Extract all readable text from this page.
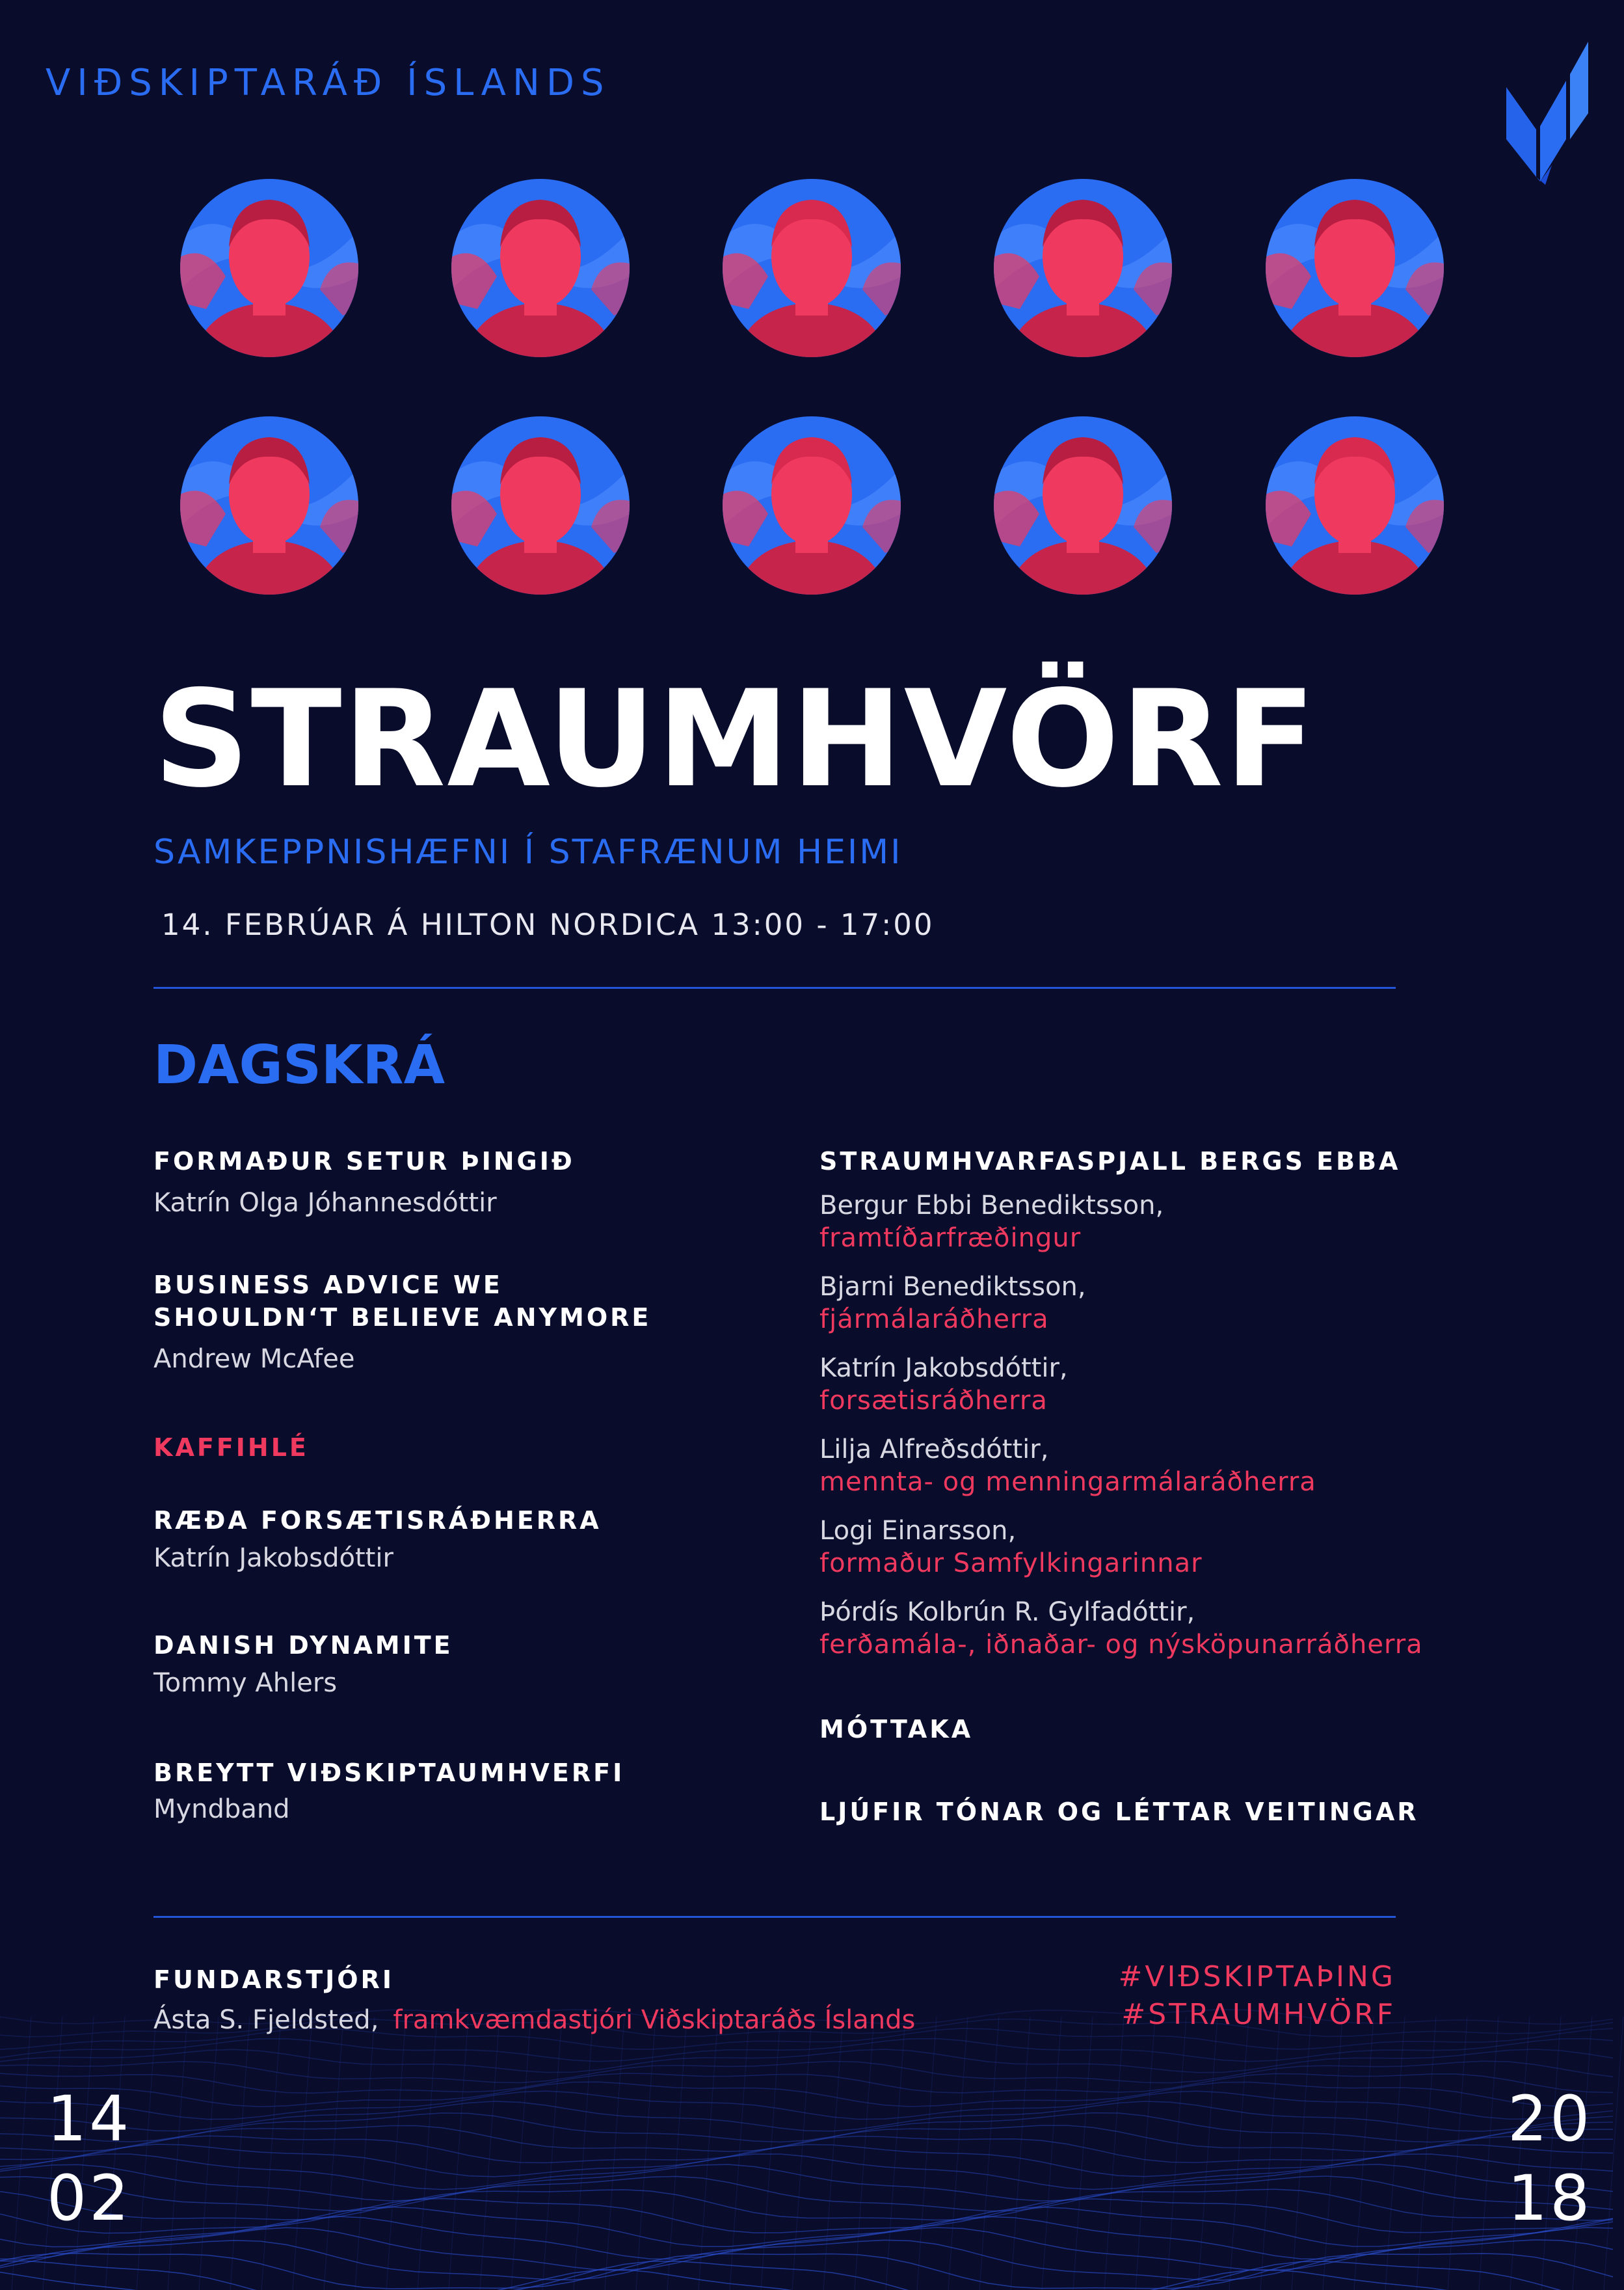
VIÐSKIPTARÁÐ ÍSLANDS
STRAUMHVÖRF
SAMKEPPNISHÆFNI Í STAFRÆNUM HEIMI
14. FEBRÚAR Á HILTON NORDICA 13:00 - 17:00
DAGSKRÁ
FORMAÐUR SETUR ÞINGIÐ
Katrín Olga Jóhannesdóttir
BUSINESS ADVICE WE
SHOULDN‘T BELIEVE ANYMORE
Andrew McAfee
KAFFIHLÉ
RÆÐA FORSÆTISRÁÐHERRA
Katrín Jakobsdóttir
DANISH DYNAMITE
Tommy Ahlers
BREYTT VIÐSKIPTAUMHVERFI
Myndband
STRAUMHVARFASPJALL BERGS EBBA
Bergur Ebbi Benediktsson,
framtíðarfræðingur
Bjarni Benediktsson,
fjármálaráðherra
Katrín Jakobsdóttir,
forsætisráðherra
Lilja Alfreðsdóttir,
mennta- og menningarmálaráðherra
Logi Einarsson,
formaður Samfylkingarinnar
Þórdís Kolbrún R. Gylfadóttir,
ferðamála-, iðnaðar- og nýsköpunarráðherra
MÓTTAKA
LJÚFIR TÓNAR OG LÉTTAR VEITINGAR
FUNDARSTJÓRI
Ásta S. Fjeldsted, framkvæmdastjóri Viðskiptaráðs Íslands
#VIÐSKIPTAÞING
#STRAUMHVÖRF
14
02
20
18
